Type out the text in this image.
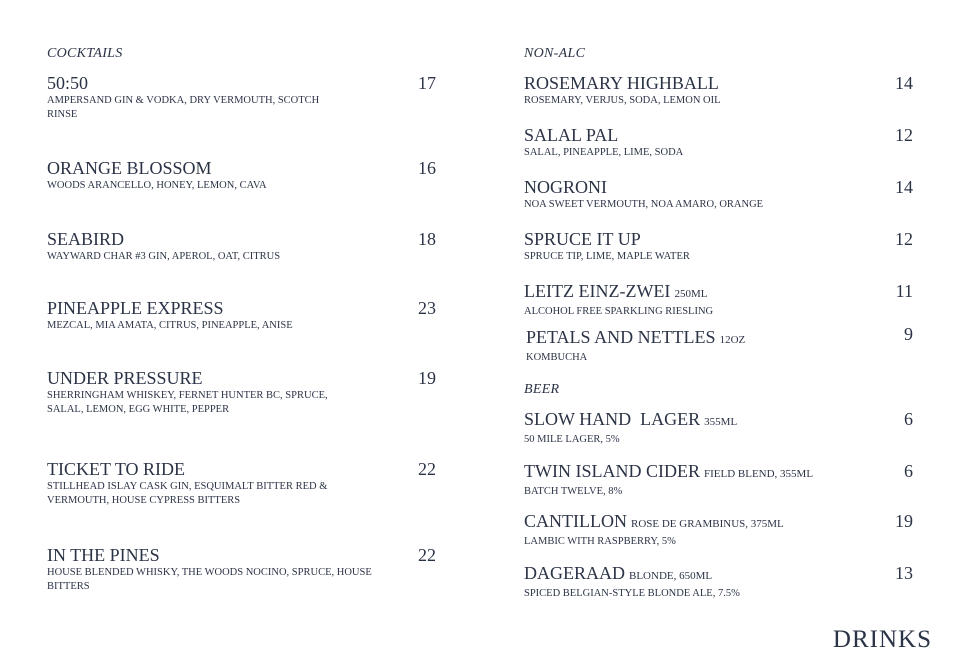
COCKTAILS
50:50
AMPERSAND GIN & VODKA, DRY VERMOUTH, SCOTCH RINSE
17
ORANGE BLOSSOM
WOODS ARANCELLO, HONEY, LEMON, CAVA
16
SEABIRD
WAYWARD CHAR #3 GIN, APEROL, OAT, CITRUS
18
PINEAPPLE EXPRESS
MEZCAL, MIA AMATA, CITRUS, PINEAPPLE, ANISE
23
UNDER PRESSURE
SHERRINGHAM WHISKEY, FERNET HUNTER BC, SPRUCE, SALAL, LEMON, EGG WHITE, PEPPER
19
TICKET TO RIDE
STILLHEAD ISLAY CASK GIN, ESQUIMALT BITTER RED & VERMOUTH, HOUSE CYPRESS BITTERS
22
IN THE PINES
HOUSE BLENDED WHISKY, THE WOODS NOCINO, SPRUCE, HOUSE BITTERS
22
NON-ALC
ROSEMARY HIGHBALL
ROSEMARY, VERJUS, SODA, LEMON OIL
14
SALAL PAL
SALAL, PINEAPPLE, LIME, SODA
12
NOGRONI
NOA SWEET VERMOUTH, NOA AMARO, ORANGE
14
SPRUCE IT UP
SPRUCE TIP, LIME, MAPLE WATER
12
LEITZ EINZ-ZWEI 250ML
ALCOHOL FREE SPARKLING RIESLING
11
PETALS AND NETTLES 12OZ
KOMBUCHA
9
BEER
SLOW HAND  LAGER 355ML
50 MILE LAGER, 5%
6
TWIN ISLAND CIDER FIELD BLEND, 355ML
BATCH TWELVE, 8%
6
CANTILLON ROSE DE GRAMBINUS, 375ML
LAMBIC WITH RASPBERRY, 5%
19
DAGERAAD BLONDE, 650ML
SPICED BELGIAN-STYLE BLONDE ALE, 7.5%
13
DRINKS
